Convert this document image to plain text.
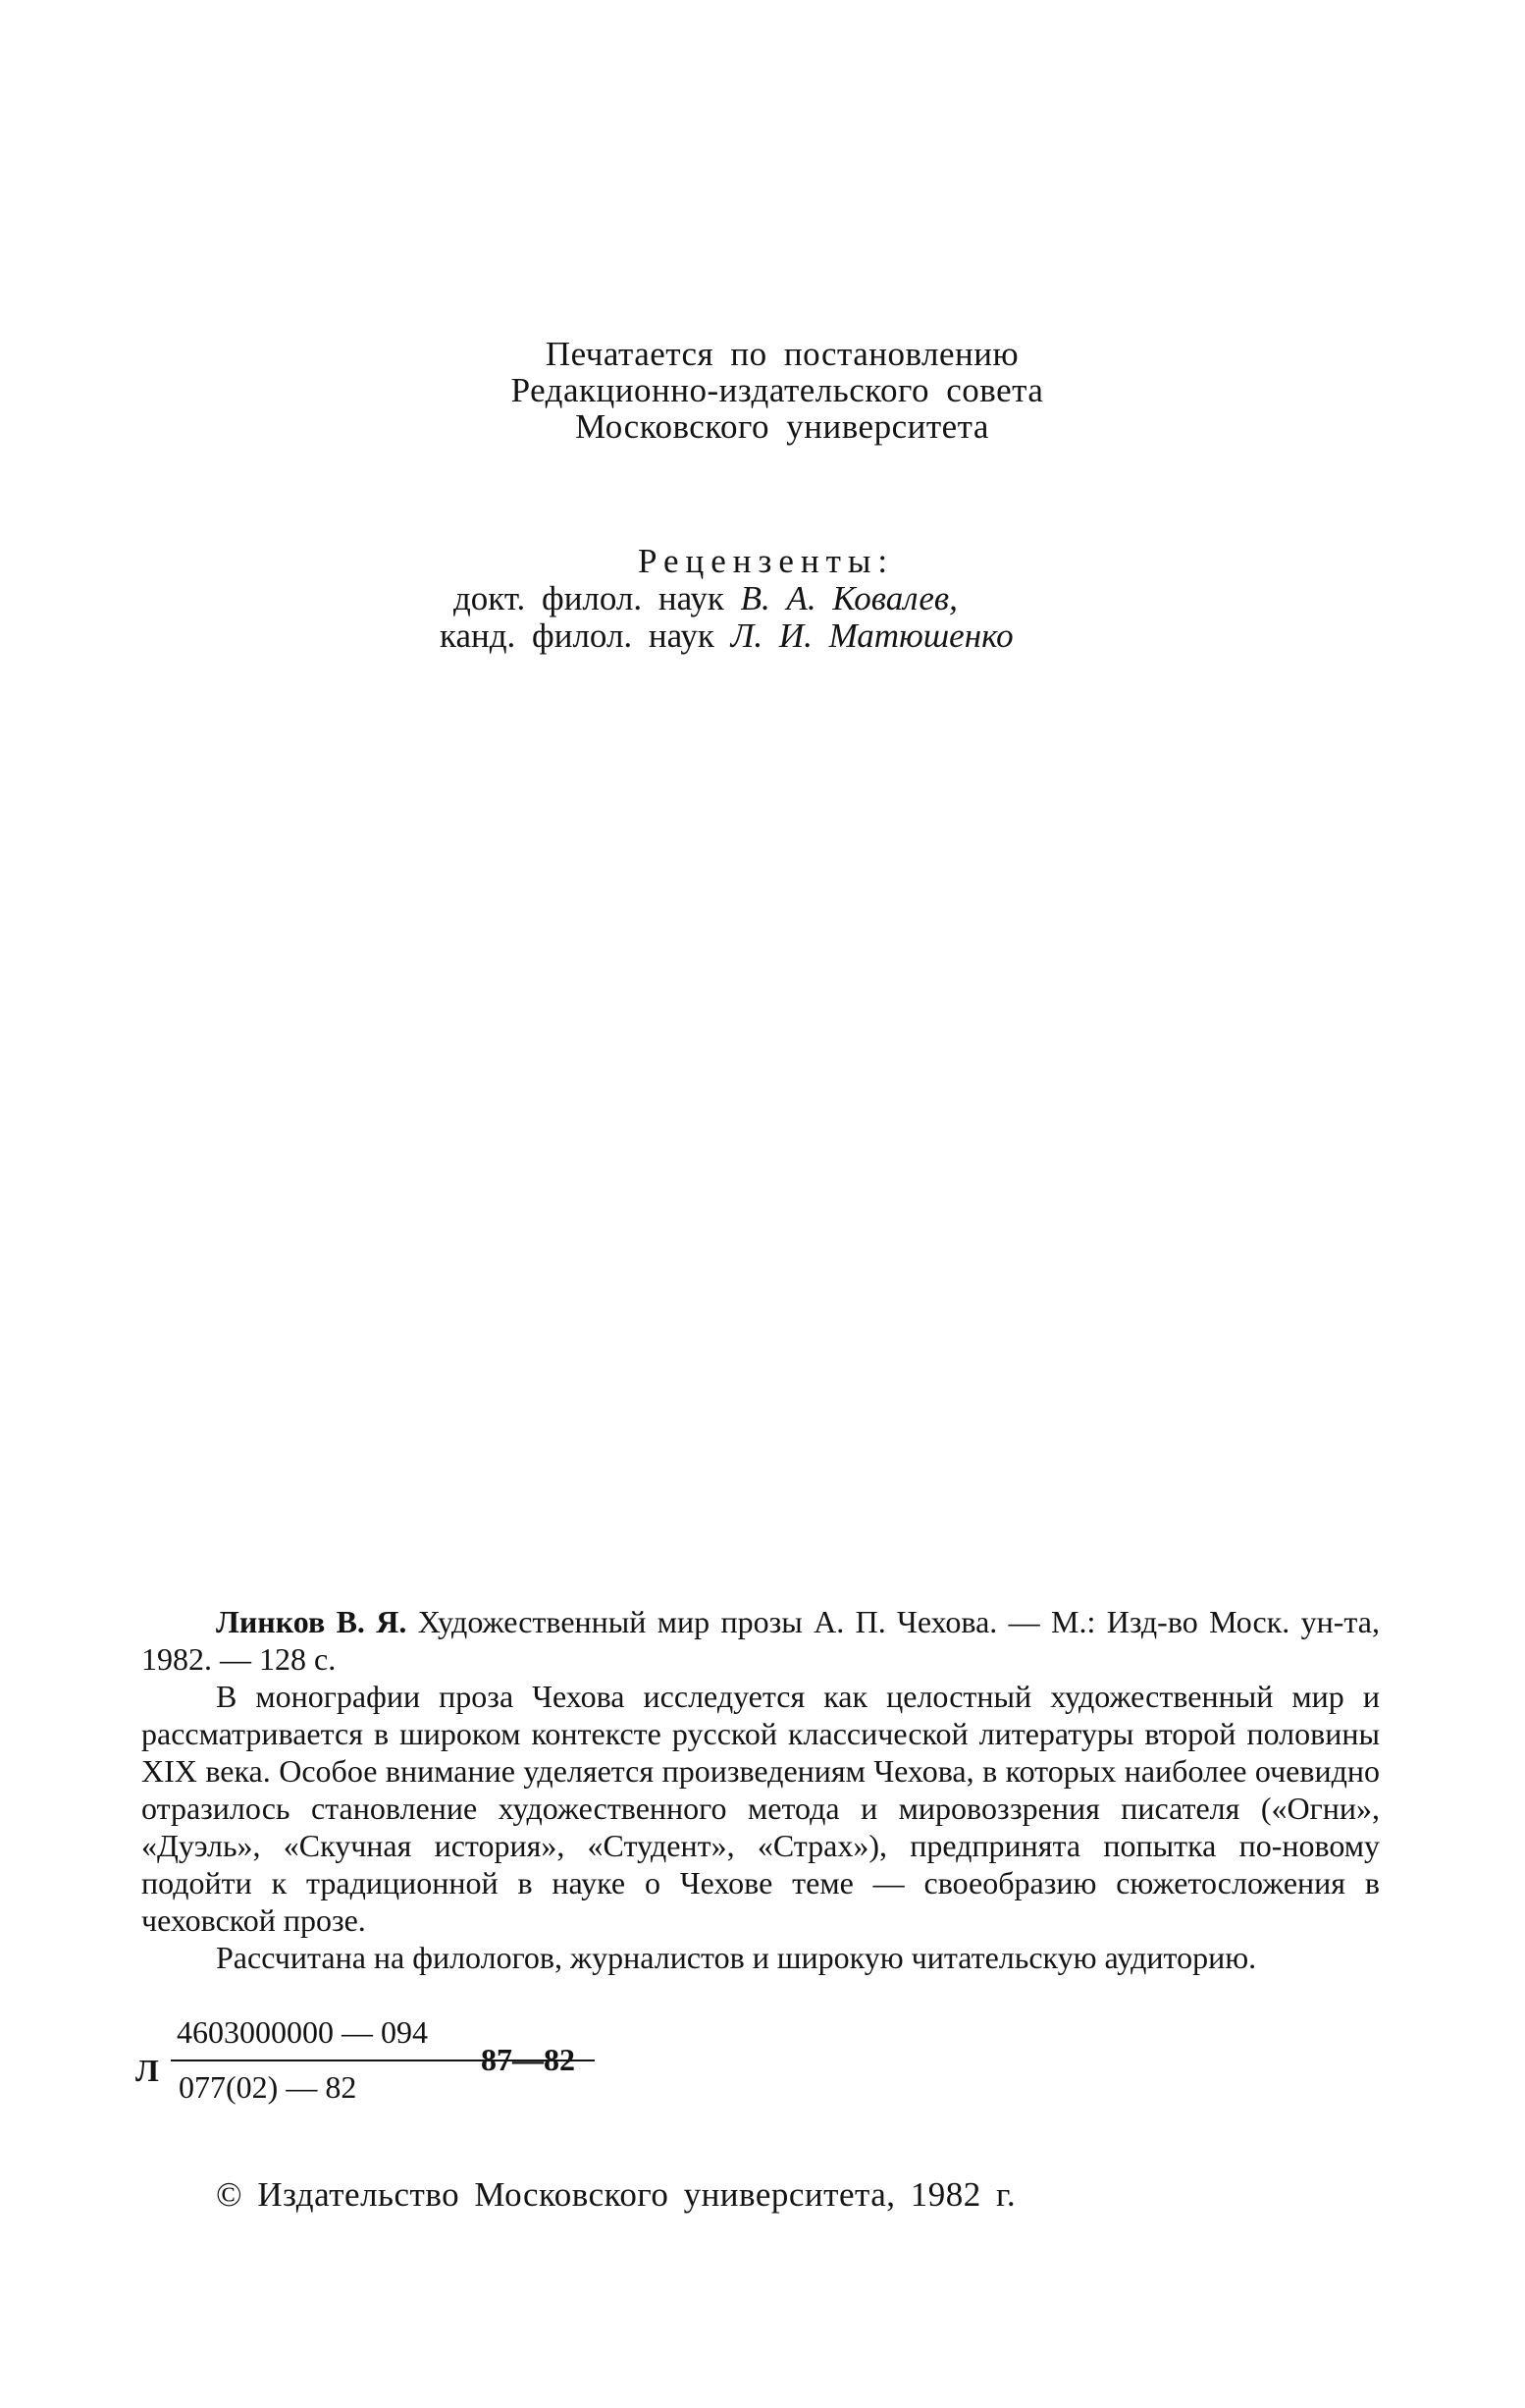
Печатается по постановлению
Редакционно-издательского совета
Московского университета
Рецензенты:
докт. филол. наук В. А. Ковалев,
канд. филол. наук Л. И. Матюшенко

Линков В. Я. Художественный мир прозы А. П. Чехова. — М.: Изд-во Моск. ун-та, 1982. — 128 с.

В монографии проза Чехова исследуется как целостный художественный мир и рассматривается в широком контексте русской классической литературы второй половины XIX века. Особое внимание уделяется произведениям Чехова, в которых наиболее очевидно отразилось становление художественного метода и мировоззрения писателя («Огни», «Дуэль», «Скучная история», «Студент», «Страх»), предпринята попытка по-новому подойти к традиционной в науке о Чехове теме — своеобразию сюжетосложения в чеховской прозе.

Рассчитана на филологов, журналистов и широкую читательскую аудиторию.

Л
4603000000 — 094
077(02) — 82
87—82
© Издательство Московского университета, 1982 г.
